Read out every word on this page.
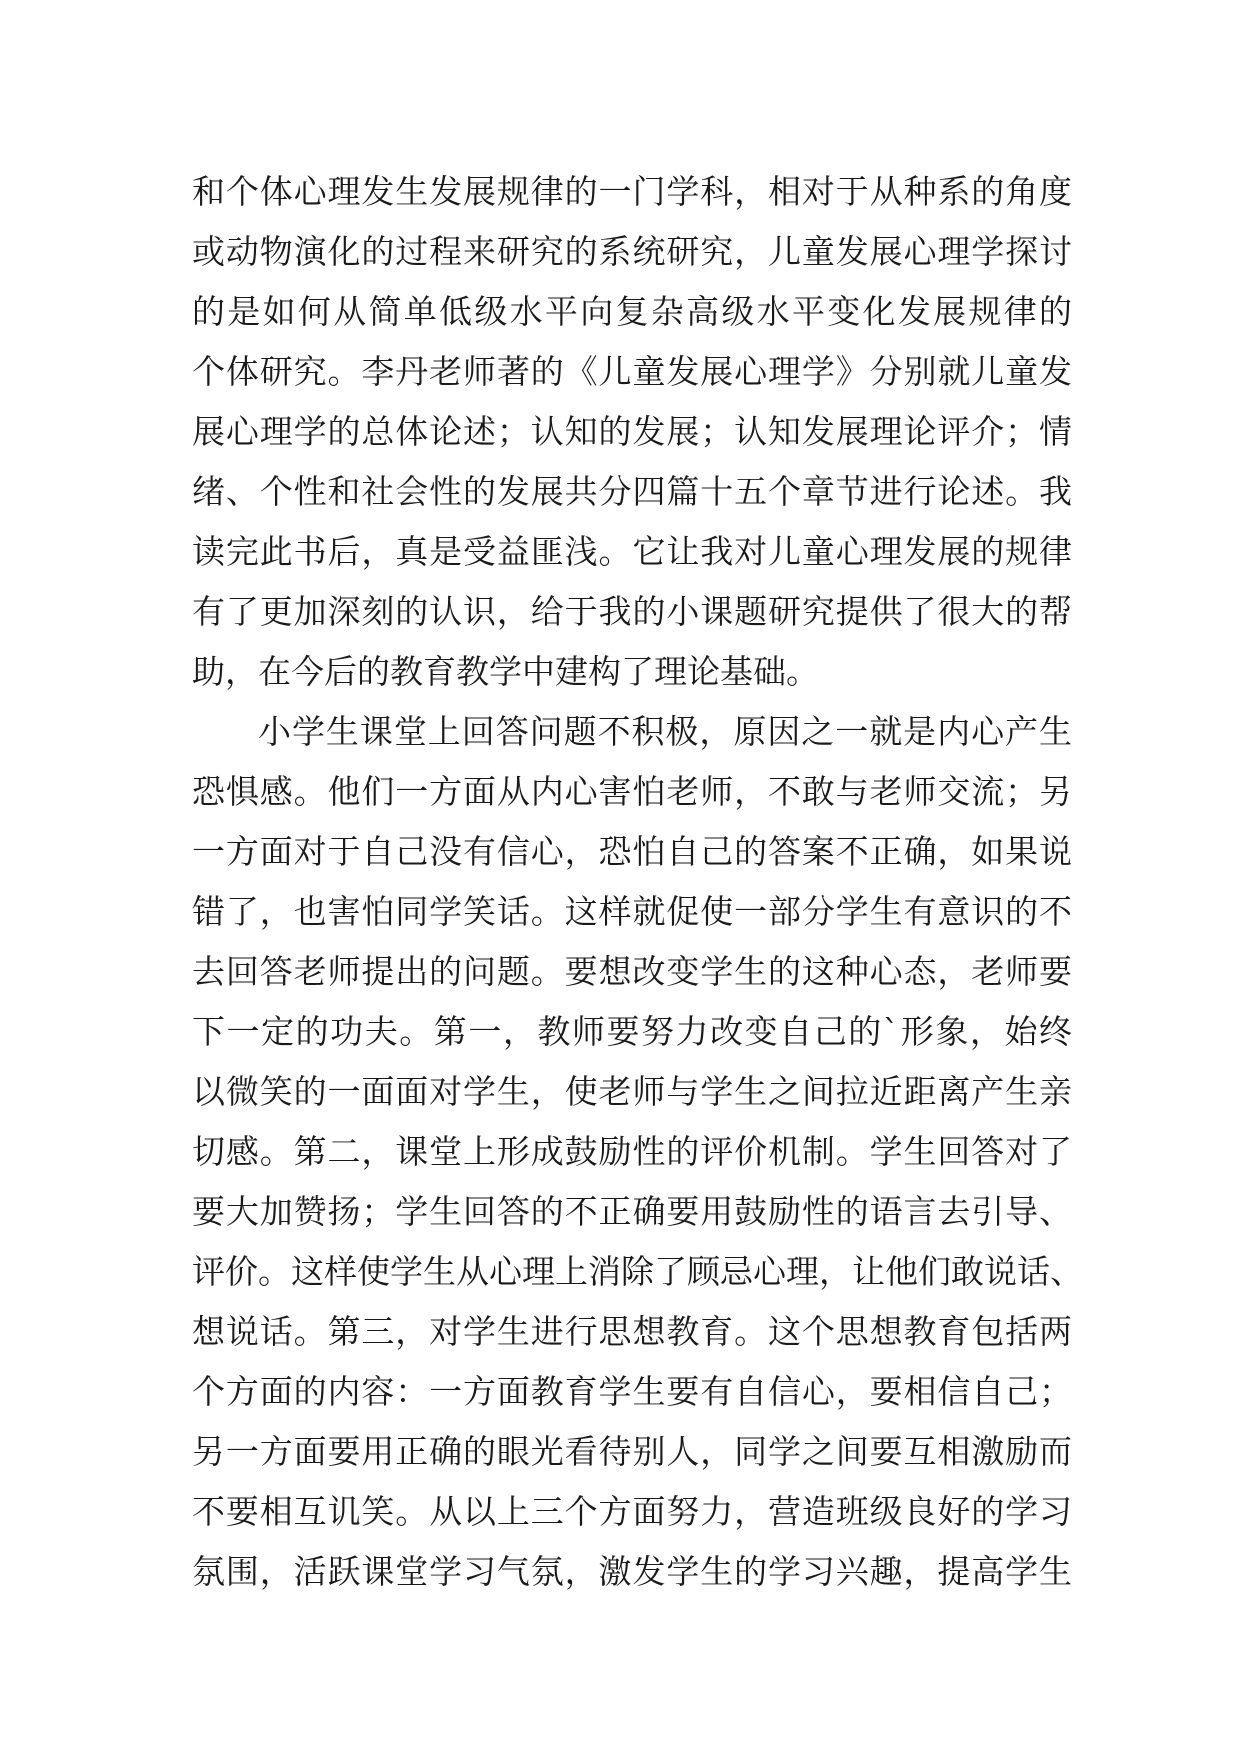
和个体心理发生发展规律的一门学科，相对于从种系的角度
或动物演化的过程来研究的系统研究，儿童发展心理学探讨
的是如何从简单低级水平向复杂高级水平变化发展规律的
个体研究。李丹老师著的《儿童发展心理学》分别就儿童发
展心理学的总体论述；认知的发展；认知发展理论评介；情
绪、个性和社会性的发展共分四篇十五个章节进行论述。我
读完此书后，真是受益匪浅。它让我对儿童心理发展的规律
有了更加深刻的认识，给于我的小课题研究提供了很大的帮
助，在今后的教育教学中建构了理论基础。
小学生课堂上回答问题不积极，原因之一就是内心产生
恐惧感。他们一方面从内心害怕老师，不敢与老师交流；另
一方面对于自己没有信心，恐怕自己的答案不正确，如果说
错了，也害怕同学笑话。这样就促使一部分学生有意识的不
去回答老师提出的问题。要想改变学生的这种心态，老师要
下一定的功夫。第一，教师要努力改变自己的`形象，始终
以微笑的一面面对学生，使老师与学生之间拉近距离产生亲
切感。第二，课堂上形成鼓励性的评价机制。学生回答对了
要大加赞扬；学生回答的不正确要用鼓励性的语言去引导、
评价。这样使学生从心理上消除了顾忌心理，让他们敢说话、
想说话。第三，对学生进行思想教育。这个思想教育包括两
个方面的内容：一方面教育学生要有自信心，要相信自己；
另一方面要用正确的眼光看待别人，同学之间要互相激励而
不要相互讥笑。从以上三个方面努力，营造班级良好的学习
氛围，活跃课堂学习气氛，激发学生的学习兴趣，提高学生
